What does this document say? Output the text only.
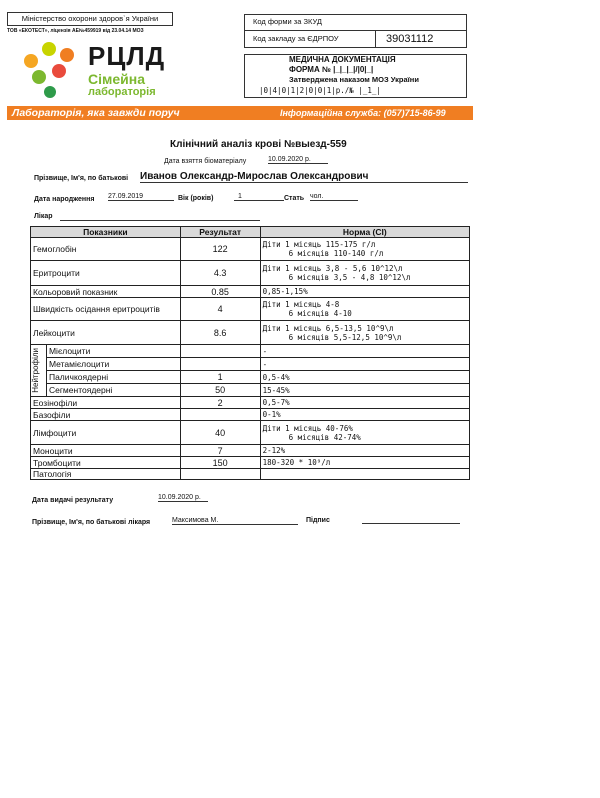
Міністерство охорони здоров`я України
ТОВ «ЕКОТЕСТ», ліцензія АЕ№459919 від 23.04.14 МОЗ
РЦЛД
Сімейна
лабораторія
Код форми за ЗКУД
Код закладу за ЄДРПОУ	39031112
МЕДИЧНА ДОКУМЕНТАЦІЯ
ФОРМА № |_|_|_|/|0|_|
Затверджена наказом МОЗ України
|0|4|0|1|2|0|0|1|р./№ |_1_|
Лабораторія, яка завжди поруч	Інформаційна служба: (057)715-86-99
Клінічний аналіз крові №выезд-559
Дата взяття біоматеріалу	10.09.2020 р.
Прізвище, Ім'я, по батькові Иванов Олександр-Мирослав Олександрович
Дата народження 27.09.2019	Вік (років)	1	Стать чол.
Лікар
Показники		Результат	Норма (СІ)
Гемоглобін		122	Діти 1 місяць 115-175 г/л
6 місяців 110-140 г/л

Еритроцити		4.3	Діти 1 місяць 3,8 - 5,6 10^12\л
6 місяців 3,5 - 4,8 10^12\л

Кольоровий показник		0.85	0,85-1,15%
Швидкість осідання еритроцитів		4	Діти 1 місяць 4-8
6 місяців 4-10

Лейкоцити		8.6	Діти 1 місяць 6,5-13,5 10^9\л
6 місяців 5,5-12,5 10^9\л

Нейтрофіли	Мієлоцити		-
	Метамієлоцити		-
	Паличкоядерні	1	0,5-4%
	Сегментоядерні	50	15-45%
Еозінофіли		2	0,5-7%
Базофіли			0-1%
Лімфоцити		40	Діти 1 місяць 40-76%
6 місяців 42-74%

Моноцити		7	2-12%
Тромбоцити		150	180-320 * 10⁹/л
Патологія			
Дата видачі результату	10.09.2020 р.
Прізвище, Ім'я, по батькові лікаря	Максимова М.	Підпис
